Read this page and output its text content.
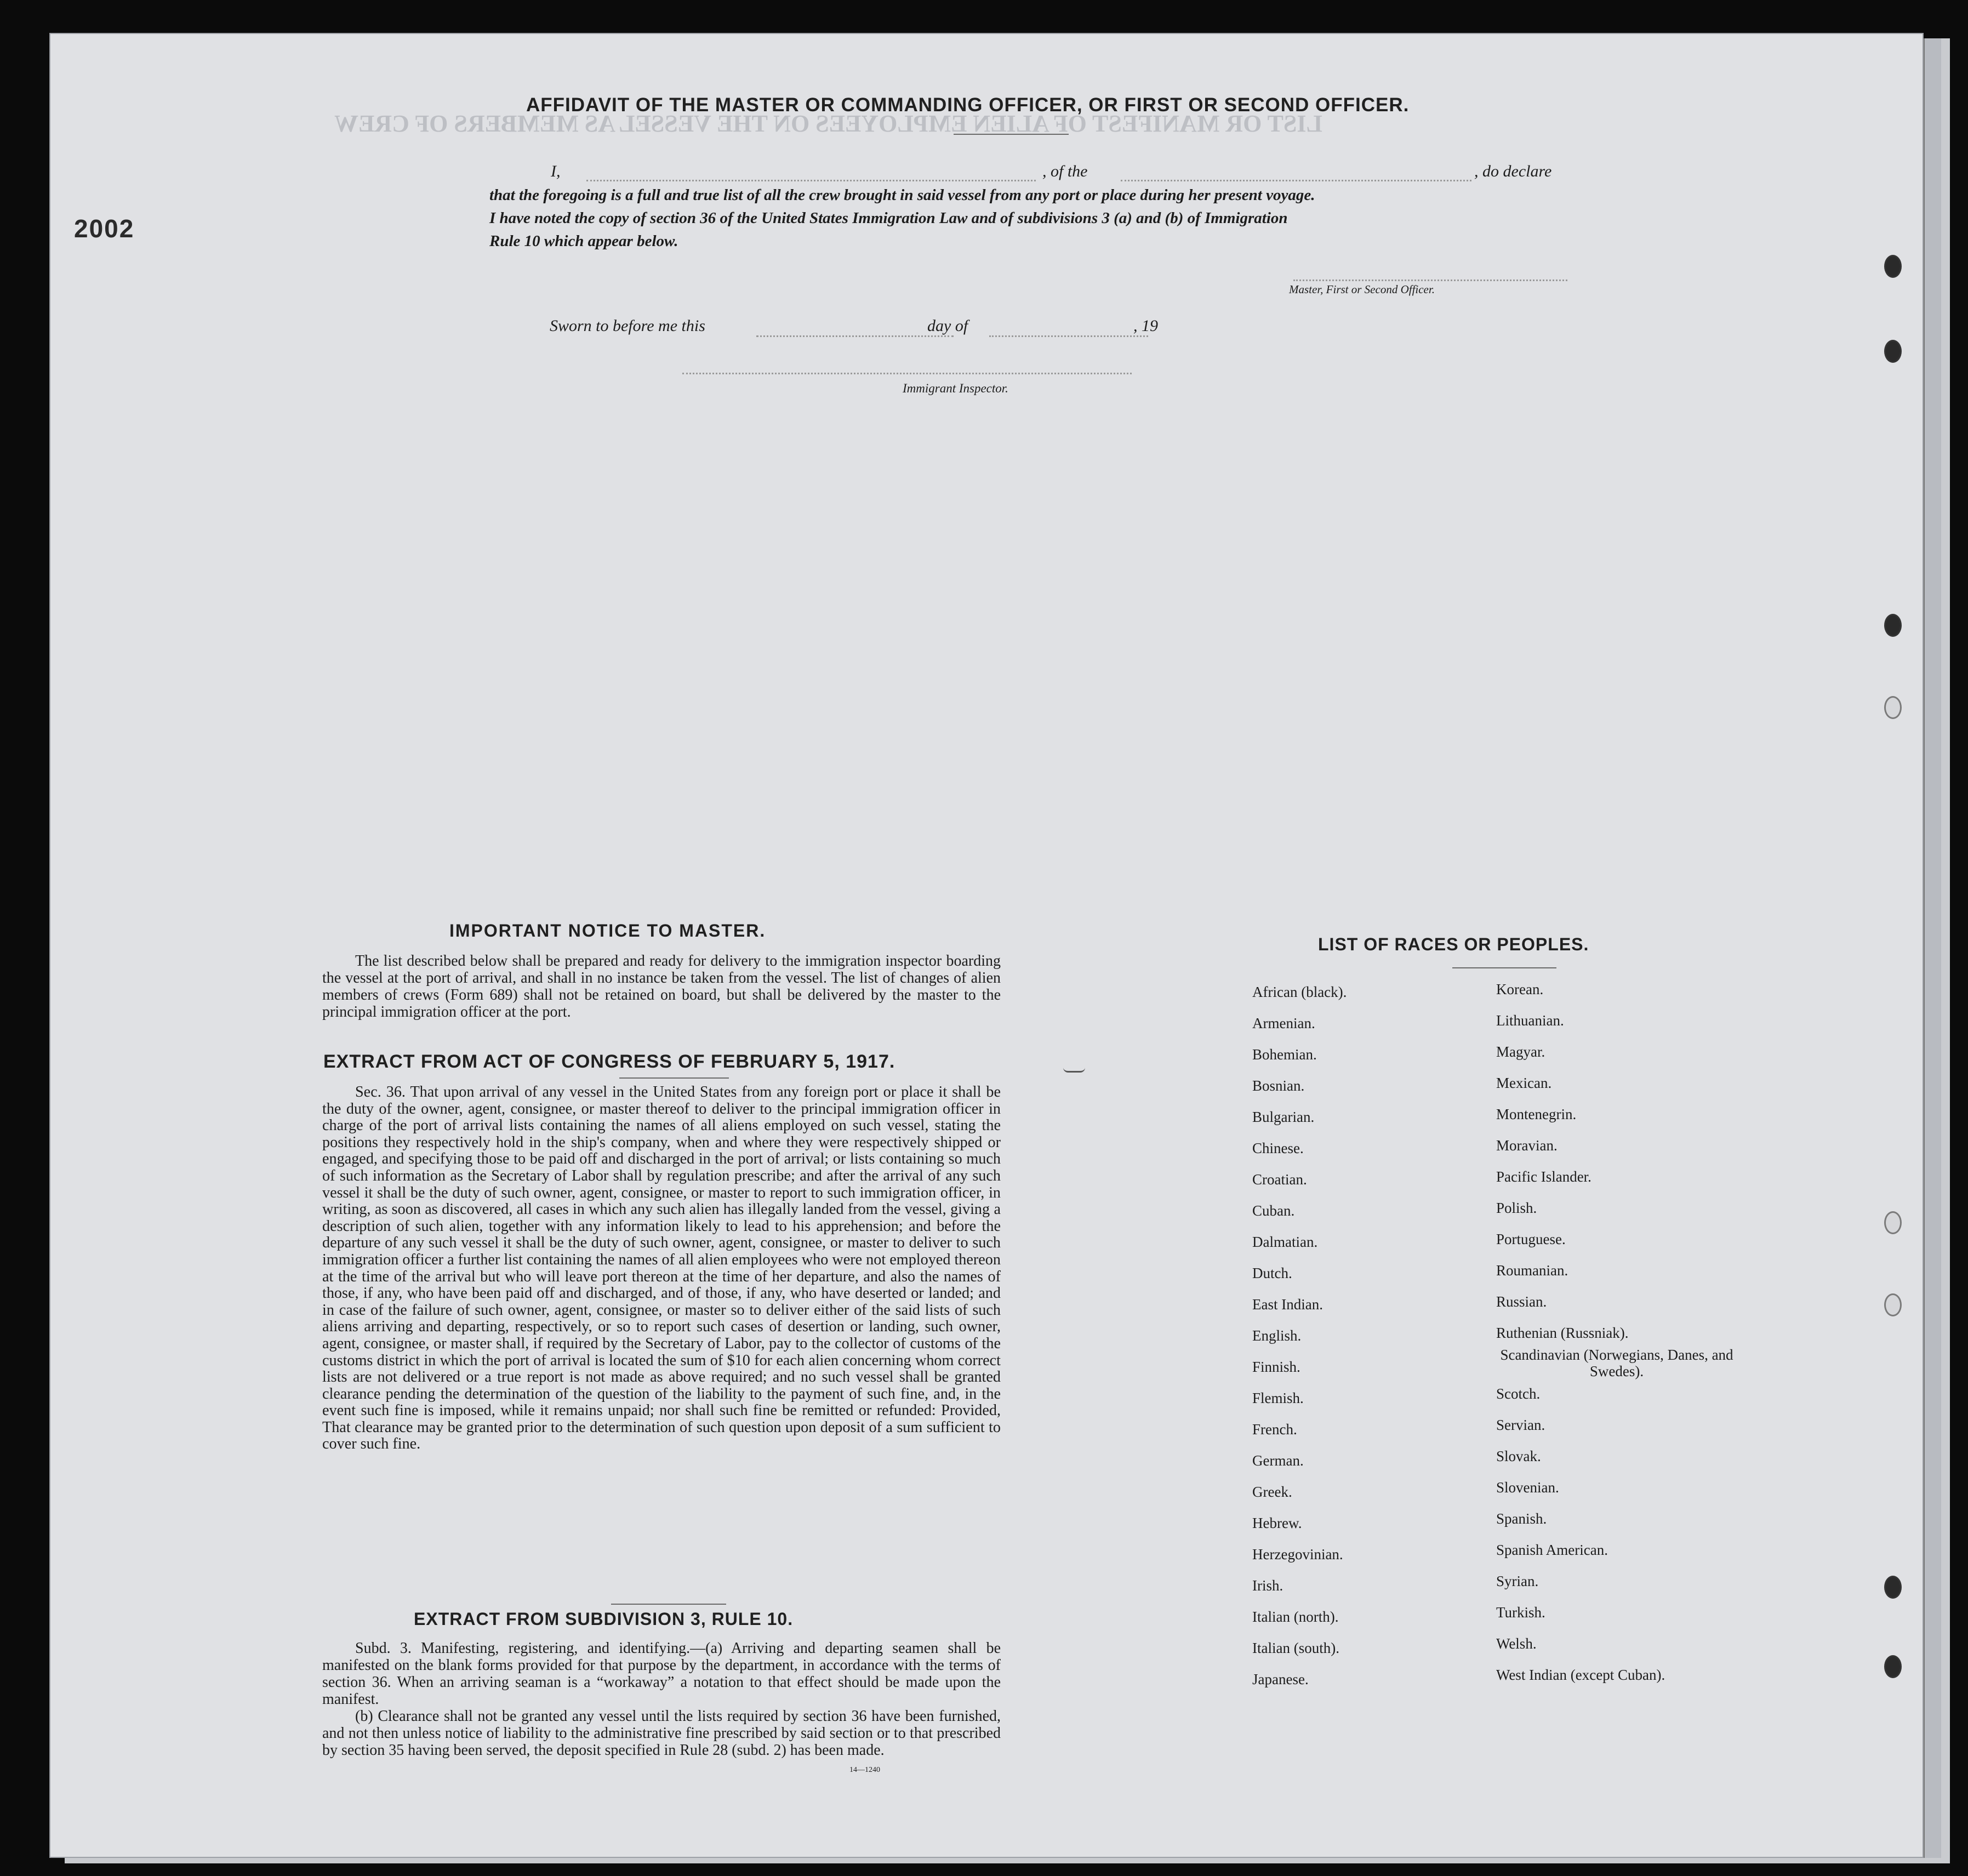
LIST OR MANIFEST OF ALIEN EMPLOYEES ON THE VESSEL AS MEMBERS OF CREW
2002
AFFIDAVIT OF THE MASTER OR COMMANDING OFFICER, OR FIRST OR SECOND OFFICER.
I,	, of the	, do declare
that the foregoing is a full and true list of all the crew brought in said vessel from any port or place during her present voyage.
I have noted the copy of section 36 of the United States Immigration Law and of subdivisions 3 (a) and (b) of Immigration
Rule 10 which appear below.
Master, First or Second Officer.
Sworn to before me this	day of	, 19
Immigrant Inspector.

IMPORTANT NOTICE TO MASTER.
The list described below shall be prepared and ready for delivery to the immigration inspector boarding the vessel at the port of arrival, and shall in no instance be taken from the vessel. The list of changes of alien members of crews (Form 689) shall not be retained on board, but shall be delivered by the master to the principal immigration officer at the port.
EXTRACT FROM ACT OF CONGRESS OF FEBRUARY 5, 1917.
Sec. 36. That upon arrival of any vessel in the United States from any foreign port or place it shall be the duty of the owner, agent, consignee, or master thereof to deliver to the principal immigration officer in charge of the port of arrival lists containing the names of all aliens employed on such vessel, stating the positions they respectively hold in the ship's company, when and where they were respectively shipped or engaged, and specifying those to be paid off and discharged in the port of arrival; or lists containing so much of such information as the Secretary of Labor shall by regulation prescribe; and after the arrival of any such vessel it shall be the duty of such owner, agent, consignee, or master to report to such immigration officer, in writing, as soon as discovered, all cases in which any such alien has illegally landed from the vessel, giving a description of such alien, together with any information likely to lead to his apprehension; and before the departure of any such vessel it shall be the duty of such owner, agent, consignee, or master to deliver to such immigration officer a further list containing the names of all alien employees who were not employed thereon at the time of the arrival but who will leave port thereon at the time of her departure, and also the names of those, if any, who have been paid off and discharged, and of those, if any, who have deserted or landed; and in case of the failure of such owner, agent, consignee, or master so to deliver either of the said lists of such aliens arriving and departing, respectively, or so to report such cases of desertion or landing, such owner, agent, consignee, or master shall, if required by the Secretary of Labor, pay to the collector of customs of the customs district in which the port of arrival is located the sum of $10 for each alien concerning whom correct lists are not delivered or a true report is not made as above required; and no such vessel shall be granted clearance pending the determination of the question of the liability to the payment of such fine, and, in the event such fine is imposed, while it remains unpaid; nor shall such fine be remitted or refunded: Provided, That clearance may be granted prior to the determination of such question upon deposit of a sum sufficient to cover such fine.
EXTRACT FROM SUBDIVISION 3, RULE 10.
Subd. 3. Manifesting, registering, and identifying.—(a) Arriving and departing seamen shall be manifested on the blank forms provided for that purpose by the department, in accordance with the terms of section 36. When an arriving seaman is a “workaway” a notation to that effect should be made upon the manifest.
(b) Clearance shall not be granted any vessel until the lists required by section 36 have been furnished, and not then unless notice of liability to the administrative fine prescribed by said section or to that prescribed by section 35 having been served, the deposit specified in Rule 28 (subd. 2) has been made.
14—1240
LIST OF RACES OR PEOPLES.
African (black).
Armenian.
Bohemian.
Bosnian.
Bulgarian.
Chinese.
Croatian.
Cuban.
Dalmatian.
Dutch.
East Indian.
English.
Finnish.
Flemish.
French.
German.
Greek.
Hebrew.
Herzegovinian.
Irish.
Italian (north).
Italian (south).
Japanese.
Korean.
Lithuanian.
Magyar.
Mexican.
Montenegrin.
Moravian.
Pacific Islander.
Polish.
Portuguese.
Roumanian.
Russian.
Ruthenian (Russniak).
Scandinavian (Norwegians, Danes, and Swedes).
Scotch.
Servian.
Slovak.
Slovenian.
Spanish.
Spanish American.
Syrian.
Turkish.
Welsh.
West Indian (except Cuban).
